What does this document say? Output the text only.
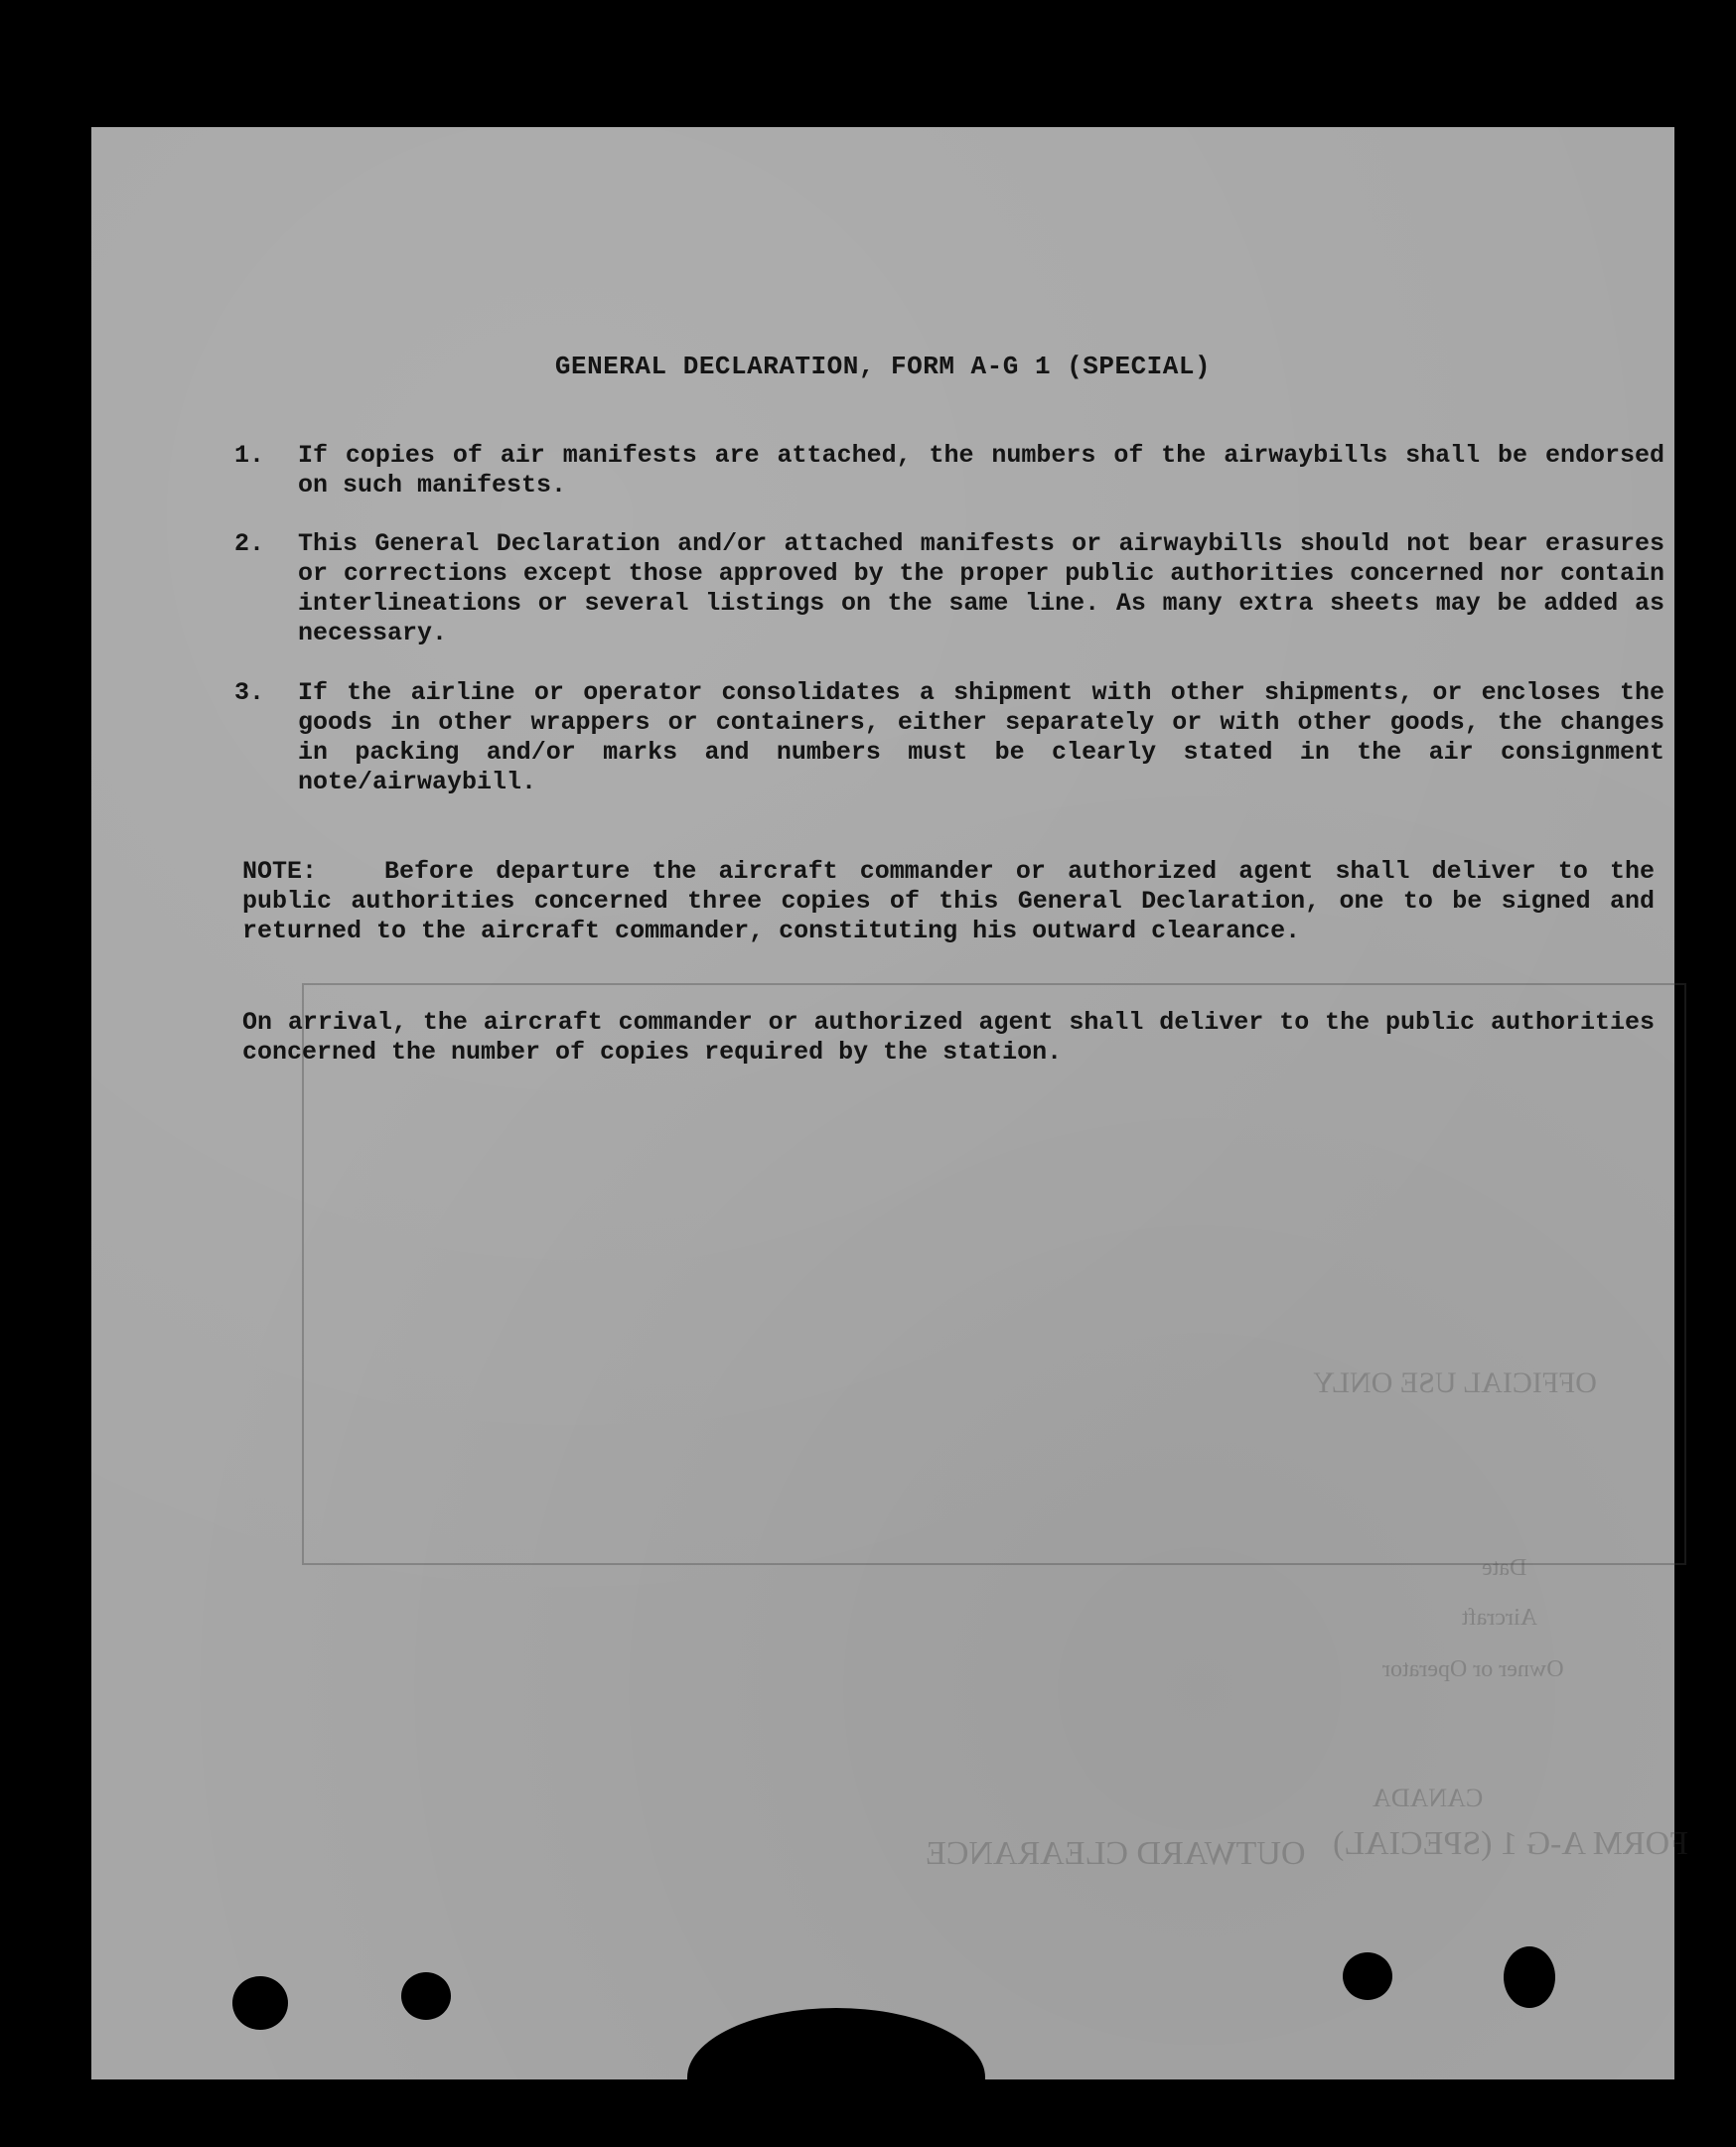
FORM A-G 1 (SPECIAL)
CANADA
OUTWARD CLEARANCE
OFFICIAL USE ONLY
Owner or Operator
Aircraft
Date
GENERAL DECLARATION, FORM A-G 1 (SPECIAL)
1.	If copies of air manifests are attached, the numbers of the airwaybills shall be endorsed on such manifests.
2.	This General Declaration and/or attached manifests or airwaybills should not bear erasures or corrections except those approved by the proper public authorities concerned nor contain interlineations or several listings on the same line. As many extra sheets may be added as necessary.
3.	If the airline or operator consolidates a shipment with other shipments, or encloses the goods in other wrappers or containers, either separately or with other goods, the changes in packing and/or marks and numbers must be clearly stated in the air consignment note/airwaybill.
NOTE:	Before departure the aircraft commander or authorized agent shall deliver to the public authorities concerned three copies of this General Declaration, one to be signed and returned to the aircraft commander, constituting his outward clearance.
On arrival, the aircraft commander or authorized agent shall deliver to the public authorities concerned the number of copies required by the station.
